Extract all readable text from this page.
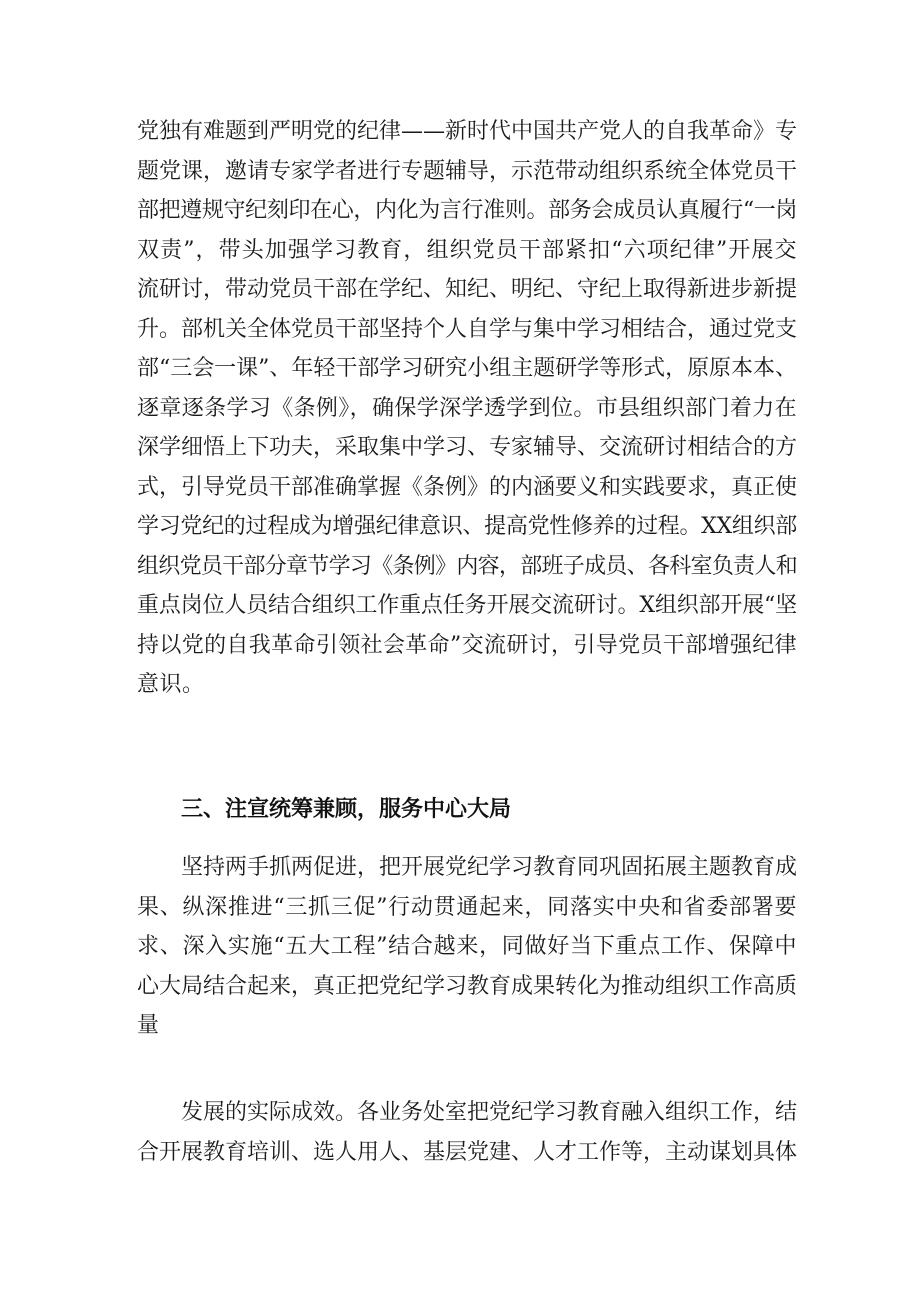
党独有难题到严明党的纪律——新时代中国共产党人的自我革命》专
题党课，邀请专家学者进行专题辅导，示范带动组织系统全体党员干
部把遵规守纪刻印在心，内化为言行准则。部务会成员认真履行“一岗
双责”，带头加强学习教育，组织党员干部紧扣“六项纪律”开展交
流研讨，带动党员干部在学纪、知纪、明纪、守纪上取得新进步新提
升。部机关全体党员干部坚持个人自学与集中学习相结合，通过党支
部“三会一课”、年轻干部学习研究小组主题研学等形式，原原本本、
逐章逐条学习《条例》，确保学深学透学到位。市县组织部门着力在
深学细悟上下功夫，采取集中学习、专家辅导、交流研讨相结合的方
式，引导党员干部准确掌握《条例》的内涵要义和实践要求，真正使
学习党纪的过程成为增强纪律意识、提高党性修养的过程。XX组织部
组织党员干部分章节学习《条例》内容，部班子成员、各科室负责人和
重点岗位人员结合组织工作重点任务开展交流研讨。X组织部开展“坚
持以党的自我革命引领社会革命”交流研讨，引导党员干部增强纪律
意识。
三、注宣统筹兼顾，服务中心大局
坚持两手抓两促进，把开展党纪学习教育同巩固拓展主题教育成
果、纵深推进“三抓三促”行动贯通起来，同落实中央和省委部署要
求、深入实施“五大工程”结合越来，同做好当下重点工作、保障中
心大局结合起来，真正把党纪学习教育成果转化为推动组织工作高质
量
发展的实际成效。各业务处室把党纪学习教育融入组织工作，结
合开展教育培训、选人用人、基层党建、人才工作等，主动谋划具体
